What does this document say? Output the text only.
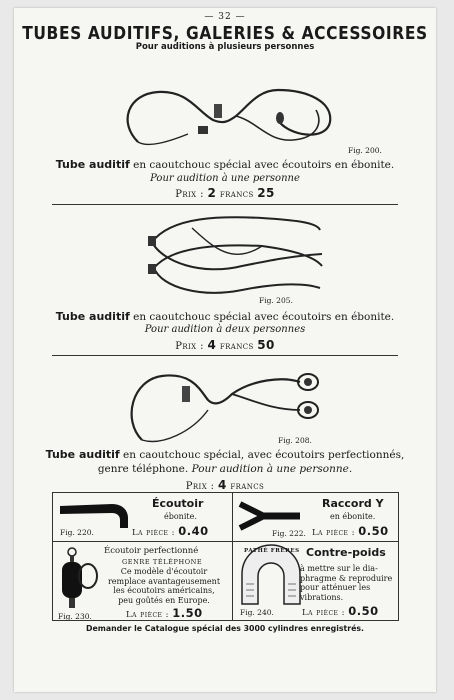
— 32 —
TUBES AUDITIFS, GALERIES & ACCESSOIRES
Pour auditions à plusieurs personnes
Fig. 200.
Tube auditif en caoutchouc spécial avec écoutoirs en ébonite.
Pour audition à une personne
Prix : 2 francs 25
Fig. 205.
Tube auditif en caoutchouc spécial avec écoutoirs en ébonite.
Pour audition à deux personnes
Prix : 4 francs 50
Fig. 208.
Tube auditif en caoutchouc spécial, avec écoutoirs perfectionnés,
genre téléphone. Pour audition à une personne.
Prix : 4 francs
Écoutoir
ébonite.
Fig. 220.	La pièce : 0.40
Raccord Y
en ébonite.
Fig. 222. La pièce : 0.50
Écoutoir perfectionné
GENRE TÉLÉPHONE
Ce modèle d'écoutoir
remplace avantageusement
les écoutoirs américains,
peu goûtés en Europe.
Fig. 230.	La pièce : 1.50
PATHÉ FRÈRES Contre-poids
à mettre sur le dia-
phragme & reproduire
pour atténuer les
vibrations.
Fig. 240.	La pièce : 0.50
Demander le Catalogue spécial des 3000 cylindres enregistrés.
